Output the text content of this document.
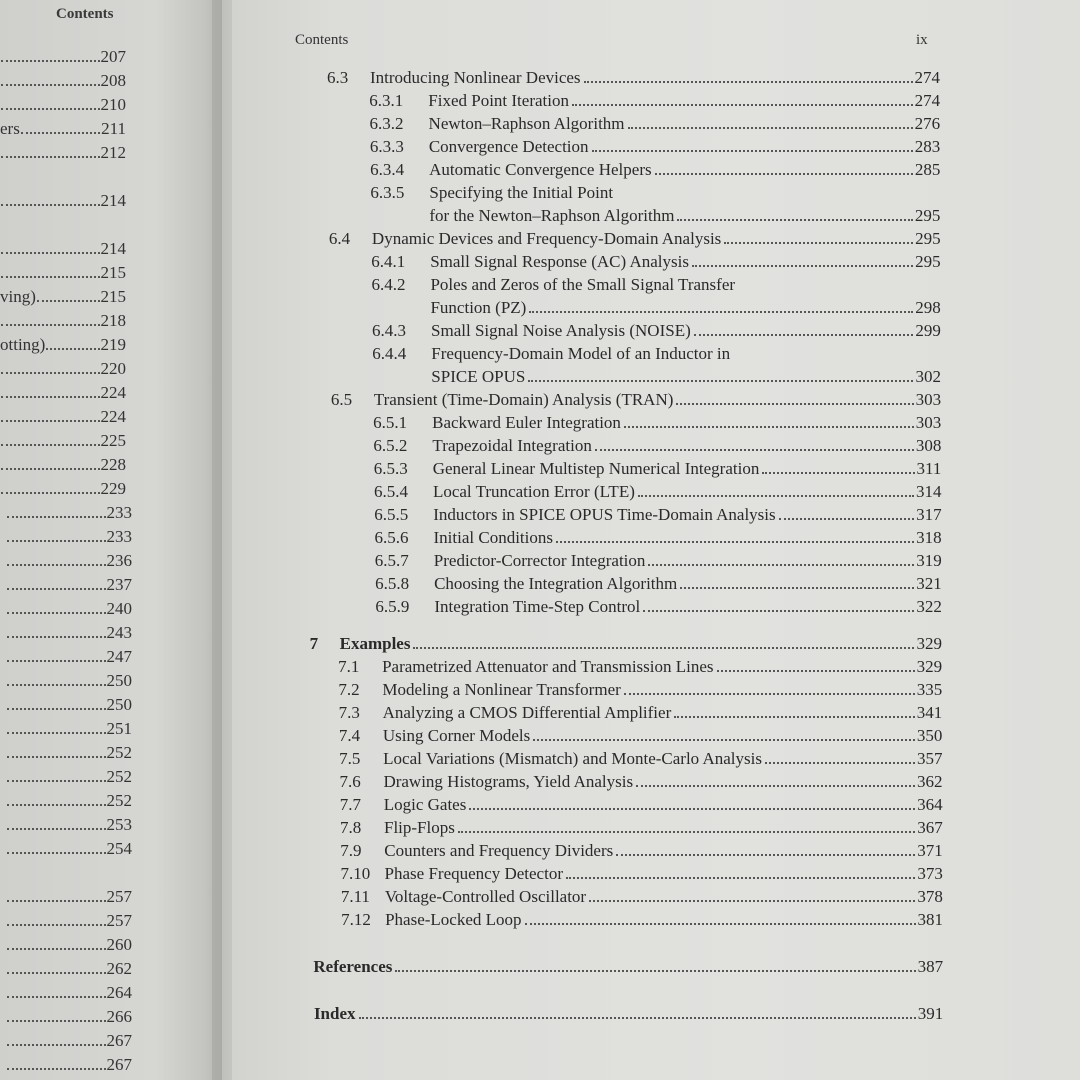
Contents
207
208
210
ers	211
212
214
214
215
ving)	215
218
otting)	219
220
224
224
225
228
229
233
233
236
237
240
243
247
250
250
251
252
252
252
253
254
257
257
260
262
264
266
267
267
Contents	ix
6.3	Introducing Nonlinear Devices	274
6.3.1	Fixed Point Iteration	274
6.3.2	Newton–Raphson Algorithm	276
6.3.3	Convergence Detection	283
6.3.4	Automatic Convergence Helpers	285
6.3.5 Specifying the Initial Point
for the Newton–Raphson Algorithm	295
6.4	Dynamic Devices and Frequency-Domain Analysis	295
6.4.1	Small Signal Response (AC) Analysis	295
6.4.2 Poles and Zeros of the Small Signal Transfer
Function (PZ)	298
6.4.3	Small Signal Noise Analysis (NOISE)	299
6.4.4 Frequency-Domain Model of an Inductor in
SPICE OPUS	302
6.5	Transient (Time-Domain) Analysis (TRAN)	303
6.5.1	Backward Euler Integration	303
6.5.2	Trapezoidal Integration	308
6.5.3	General Linear Multistep Numerical Integration	311
6.5.4	Local Truncation Error (LTE)	314
6.5.5	Inductors in SPICE OPUS Time-Domain Analysis	317
6.5.6	Initial Conditions	318
6.5.7	Predictor-Corrector Integration	319
6.5.8	Choosing the Integration Algorithm	321
6.5.9	Integration Time-Step Control	322
7	Examples	329
7.1	Parametrized Attenuator and Transmission Lines	329
7.2	Modeling a Nonlinear Transformer	335
7.3	Analyzing a CMOS Differential Amplifier	341
7.4	Using Corner Models	350
7.5	Local Variations (Mismatch) and Monte-Carlo Analysis	357
7.6	Drawing Histograms, Yield Analysis	362
7.7	Logic Gates	364
7.8	Flip-Flops	367
7.9	Counters and Frequency Dividers	371
7.10 Phase Frequency Detector	373
7.11 Voltage-Controlled Oscillator	378
7.12 Phase-Locked Loop	381
References	387
Index	391
